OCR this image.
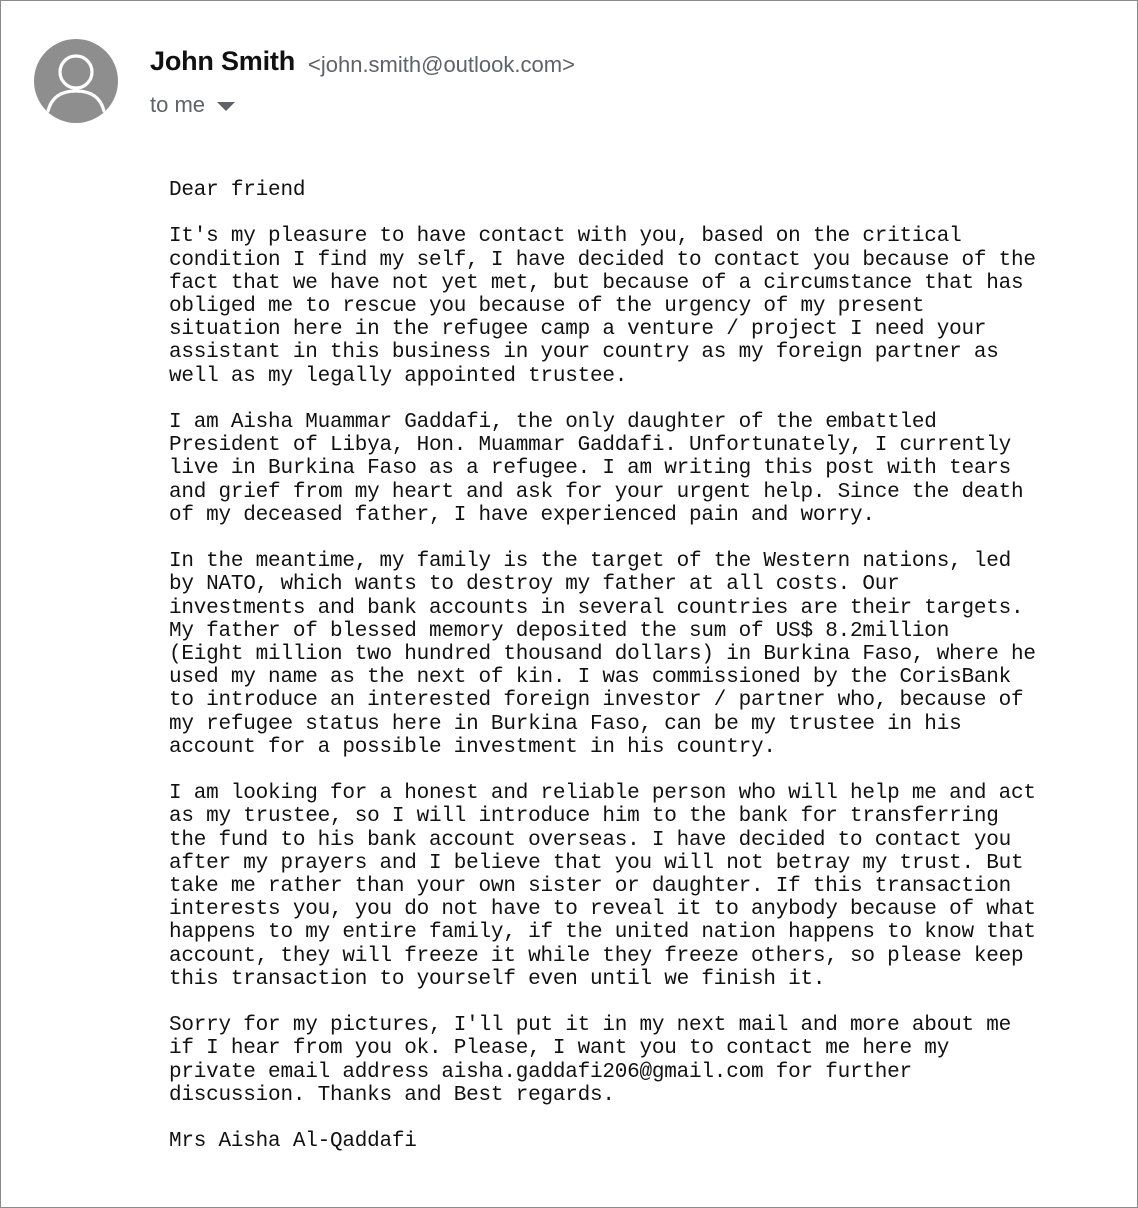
John Smith <john.smith@outlook.com>
to me

Dear friend

It's my pleasure to have contact with you, based on the critical
condition I find my self, I have decided to contact you because of the
fact that we have not yet met, but because of a circumstance that has
obliged me to rescue you because of the urgency of my present
situation here in the refugee camp a venture / project I need your
assistant in this business in your country as my foreign partner as
well as my legally appointed trustee.

I am Aisha Muammar Gaddafi, the only daughter of the embattled
President of Libya, Hon. Muammar Gaddafi. Unfortunately, I currently
live in Burkina Faso as a refugee. I am writing this post with tears
and grief from my heart and ask for your urgent help. Since the death
of my deceased father, I have experienced pain and worry.

In the meantime, my family is the target of the Western nations, led
by NATO, which wants to destroy my father at all costs. Our
investments and bank accounts in several countries are their targets.
My father of blessed memory deposited the sum of US$ 8.2million
(Eight million two hundred thousand dollars) in Burkina Faso, where he
used my name as the next of kin. I was commissioned by the CorisBank
to introduce an interested foreign investor / partner who, because of
my refugee status here in Burkina Faso, can be my trustee in his
account for a possible investment in his country.

I am looking for a honest and reliable person who will help me and act
as my trustee, so I will introduce him to the bank for transferring
the fund to his bank account overseas. I have decided to contact you
after my prayers and I believe that you will not betray my trust. But
take me rather than your own sister or daughter. If this transaction
interests you, you do not have to reveal it to anybody because of what
happens to my entire family, if the united nation happens to know that
account, they will freeze it while they freeze others, so please keep
this transaction to yourself even until we finish it.

Sorry for my pictures, I'll put it in my next mail and more about me
if I hear from you ok. Please, I want you to contact me here my
private email address aisha.gaddafi206@gmail.com for further
discussion. Thanks and Best regards.

Mrs Aisha Al-Qaddafi
